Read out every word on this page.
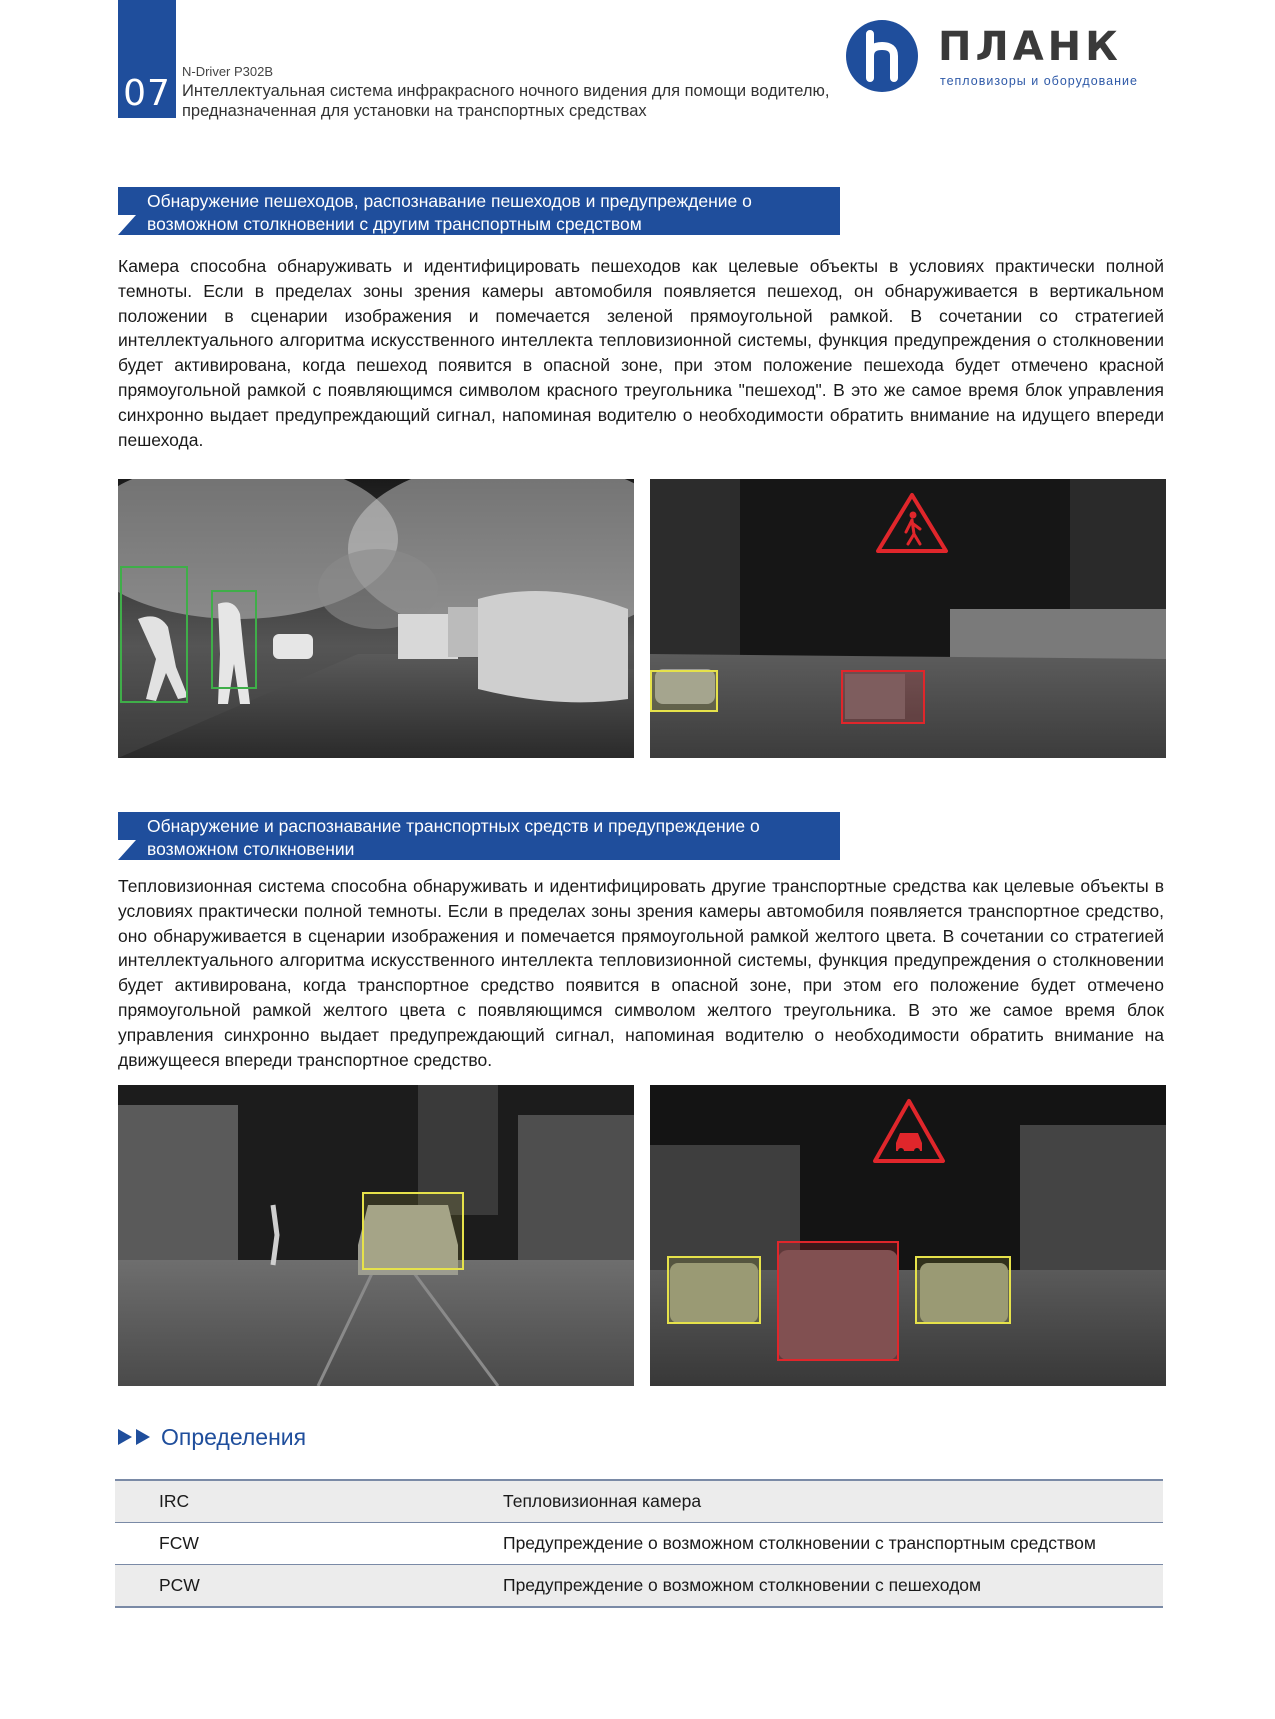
07
N-Driver P302B
Интеллектуальная система инфракрасного ночного видения для помощи водителю,
предназначенная для установки на транспортных средствах
ПЛАНК
тепловизоры и оборудование
Обнаружение пешеходов, распознавание пешеходов и предупреждение о возможном столкновении с другим транспортным средством
Камера способна обнаруживать и идентифицировать пешеходов как целевые объекты в условиях практически полной темноты. Если в пределах зоны зрения камеры автомобиля появляется пешеход, он обнаруживается в вертикальном положении в сценарии изображения и помечается зеленой прямоугольной рамкой. В сочетании со стратегией интеллектуального алгоритма искусственного интеллекта тепловизионной системы, функция предупреждения о столкновении будет активирована, когда пешеход появится в опасной зоне, при этом положение пешехода будет отмечено красной прямоугольной рамкой с появляющимся символом красного треугольника "пешеход". В это же самое время блок управления синхронно выдает предупреждающий сигнал, напоминая водителю о необходимости обратить внимание на идущего впереди пешехода.
Обнаружение и распознавание транспортных средств и предупреждение о возможном столкновении
Тепловизионная система способна обнаруживать и идентифицировать другие транспортные средства как целевые объекты в условиях практически полной темноты. Если в пределах зоны зрения камеры автомобиля появляется транспортное средство, оно обнаруживается в сценарии изображения и помечается прямоугольной рамкой желтого цвета. В сочетании со стратегией интеллектуального алгоритма искусственного интеллекта тепловизионной системы, функция предупреждения о столкновении будет активирована, когда транспортное средство появится в опасной зоне, при этом его положение будет отмечено прямоугольной рамкой желтого цвета с появляющимся символом желтого треугольника. В это же самое время блок управления синхронно выдает предупреждающий сигнал, напоминая водителю о необходимости обратить внимание на движущееся впереди транспортное средство.
Определения
IRC	Тепловизионная камера
FCW	Предупреждение о возможном столкновении с транспортным средством
PCW	Предупреждение о возможном столкновении с пешеходом
